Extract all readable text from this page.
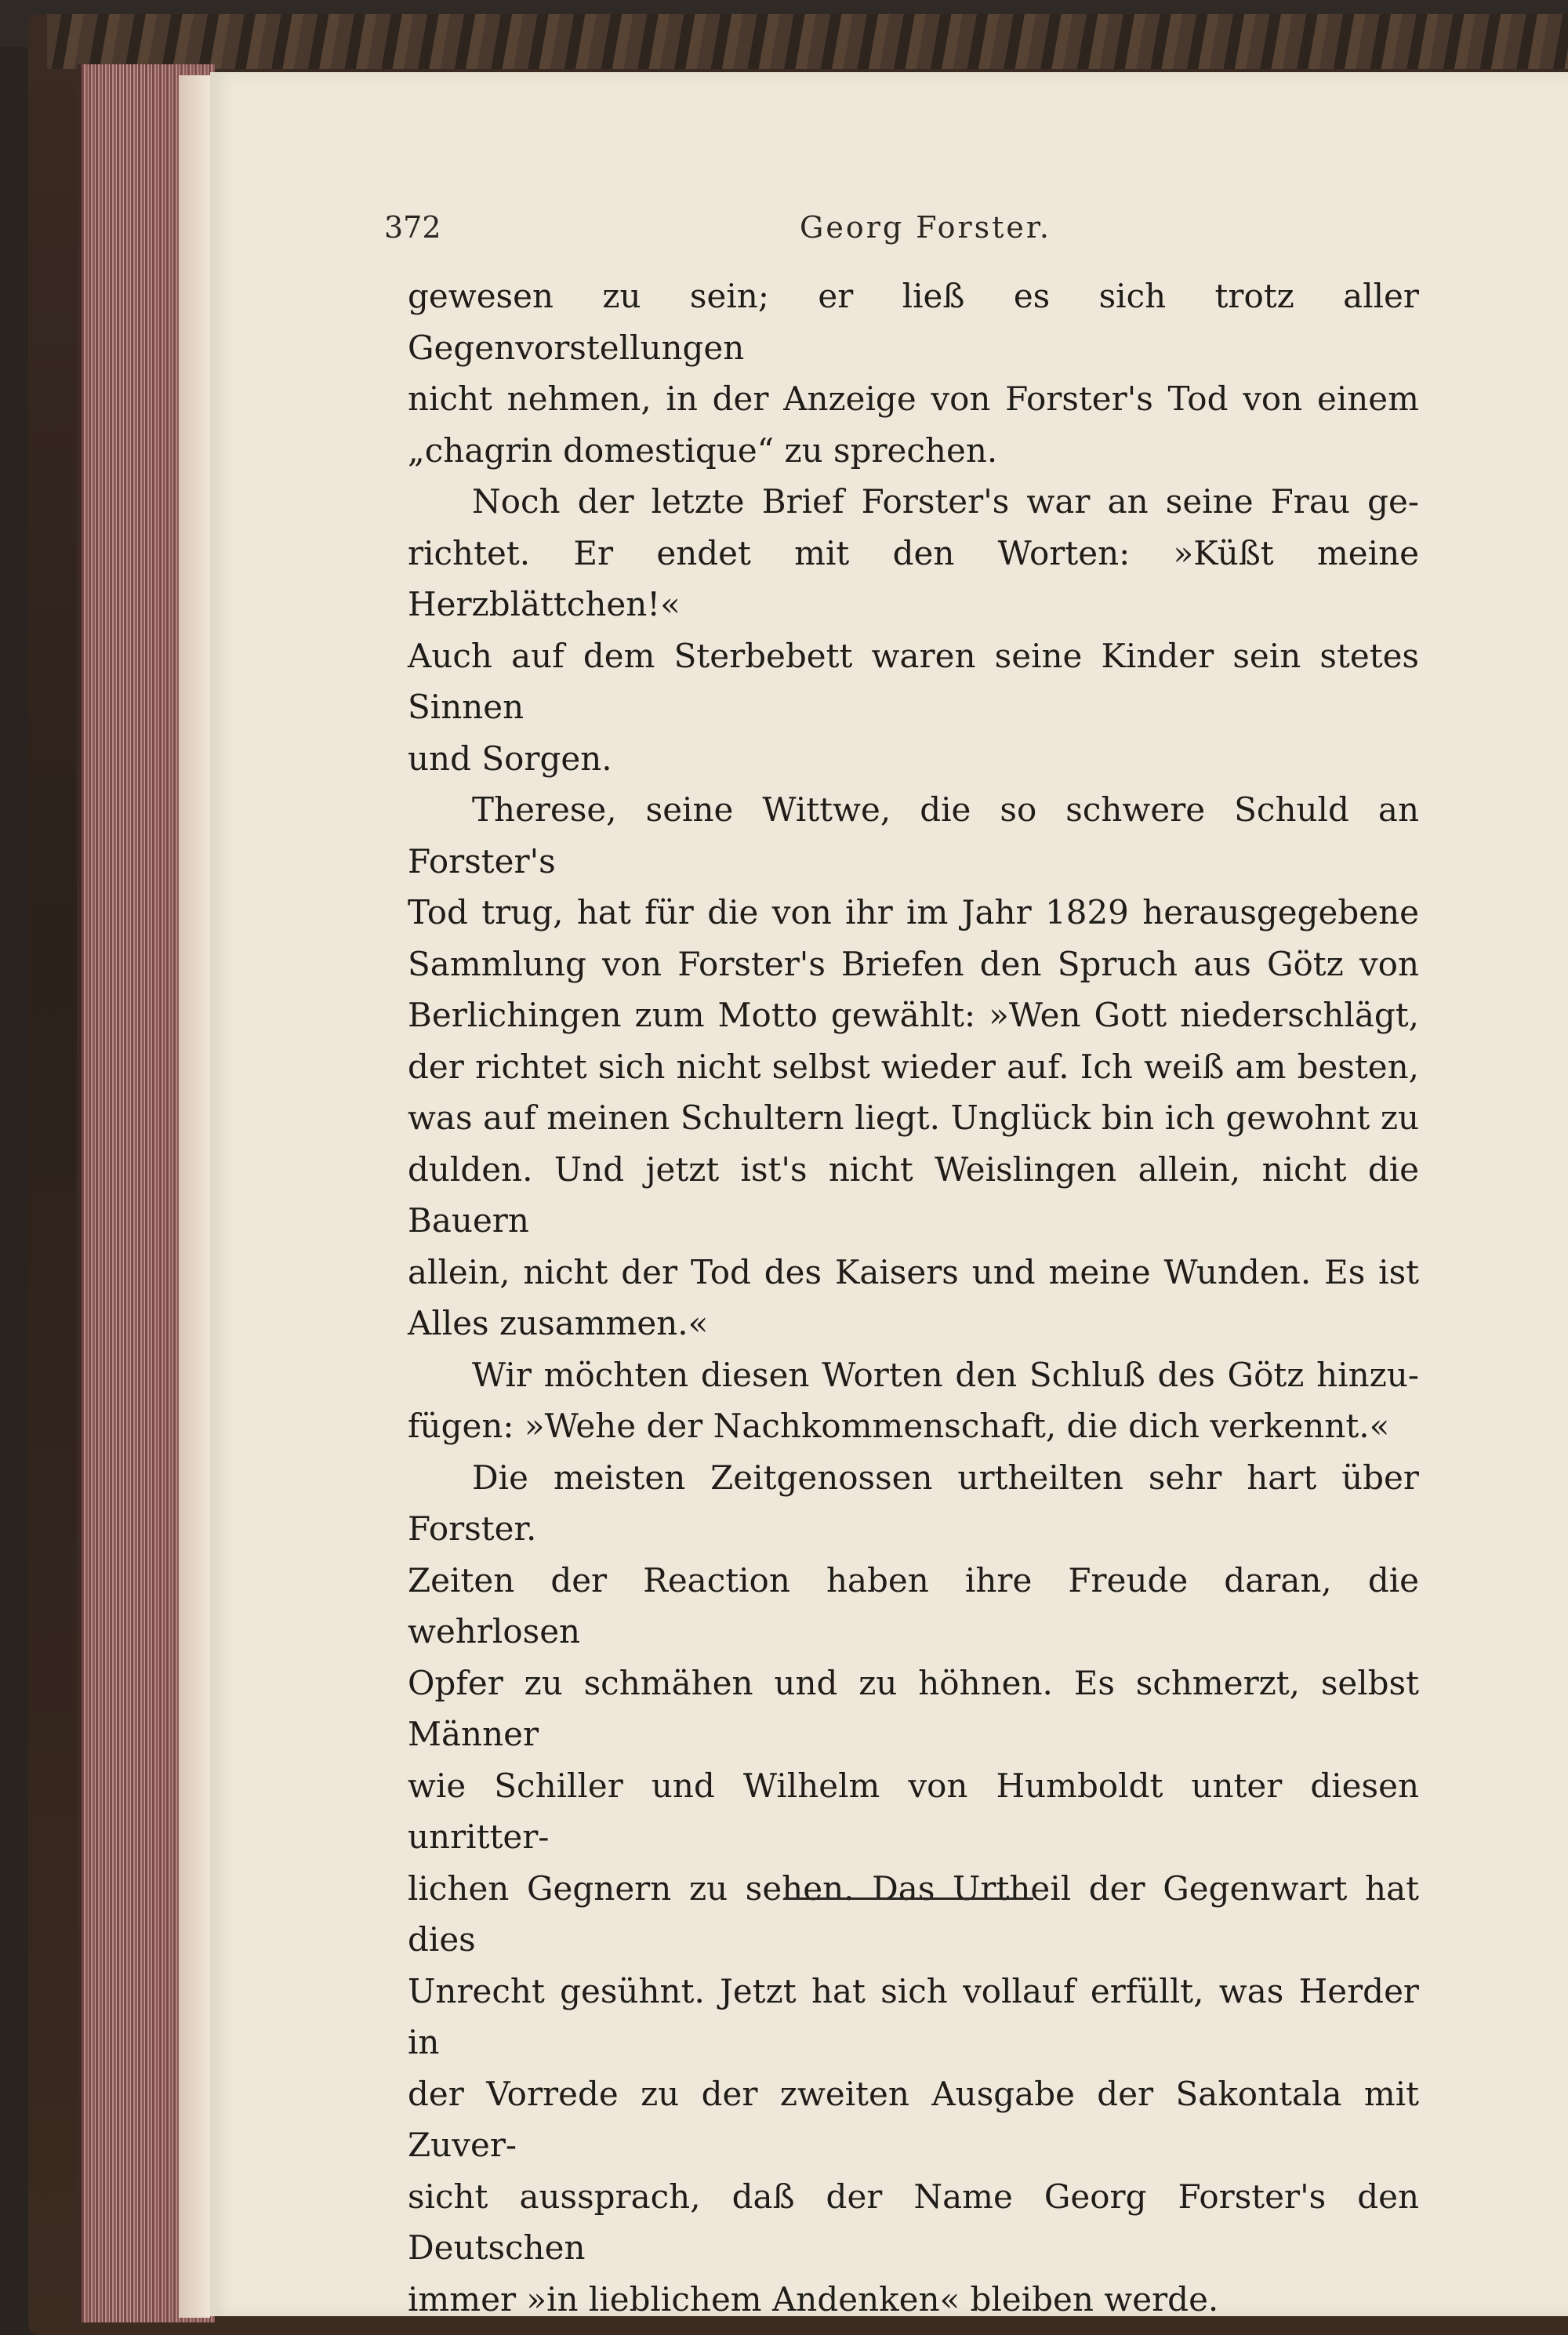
372	Georg Forster.

gewesen zu sein; er ließ es sich trotz aller Gegenvorstellungen
nicht nehmen, in der Anzeige von Forster's Tod von einem
„chagrin domestique“ zu sprechen.

Noch der letzte Brief Forster's war an seine Frau ge-
richtet. Er endet mit den Worten: »Küßt meine Herzblättchen!«
Auch auf dem Sterbebett waren seine Kinder sein stetes Sinnen
und Sorgen.

Therese, seine Wittwe, die so schwere Schuld an Forster's
Tod trug, hat für die von ihr im Jahr 1829 herausgegebene
Sammlung von Forster's Briefen den Spruch aus Götz von
Berlichingen zum Motto gewählt: »Wen Gott niederschlägt,
der richtet sich nicht selbst wieder auf. Ich weiß am besten,
was auf meinen Schultern liegt. Unglück bin ich gewohnt zu
dulden. Und jetzt ist's nicht Weislingen allein, nicht die Bauern
allein, nicht der Tod des Kaisers und meine Wunden. Es ist
Alles zusammen.«

Wir möchten diesen Worten den Schluß des Götz hinzu-
fügen: »Wehe der Nachkommenschaft, die dich verkennt.«

Die meisten Zeitgenossen urtheilten sehr hart über Forster.
Zeiten der Reaction haben ihre Freude daran, die wehrlosen
Opfer zu schmähen und zu höhnen. Es schmerzt, selbst Männer
wie Schiller und Wilhelm von Humboldt unter diesen unritter-
lichen Gegnern zu sehen. Das Urtheil der Gegenwart hat dies
Unrecht gesühnt. Jetzt hat sich vollauf erfüllt, was Herder in
der Vorrede zu der zweiten Ausgabe der Sakontala mit Zuver-
sicht aussprach, daß der Name Georg Forster's den Deutschen
immer »in lieblichem Andenken« bleiben werde.
